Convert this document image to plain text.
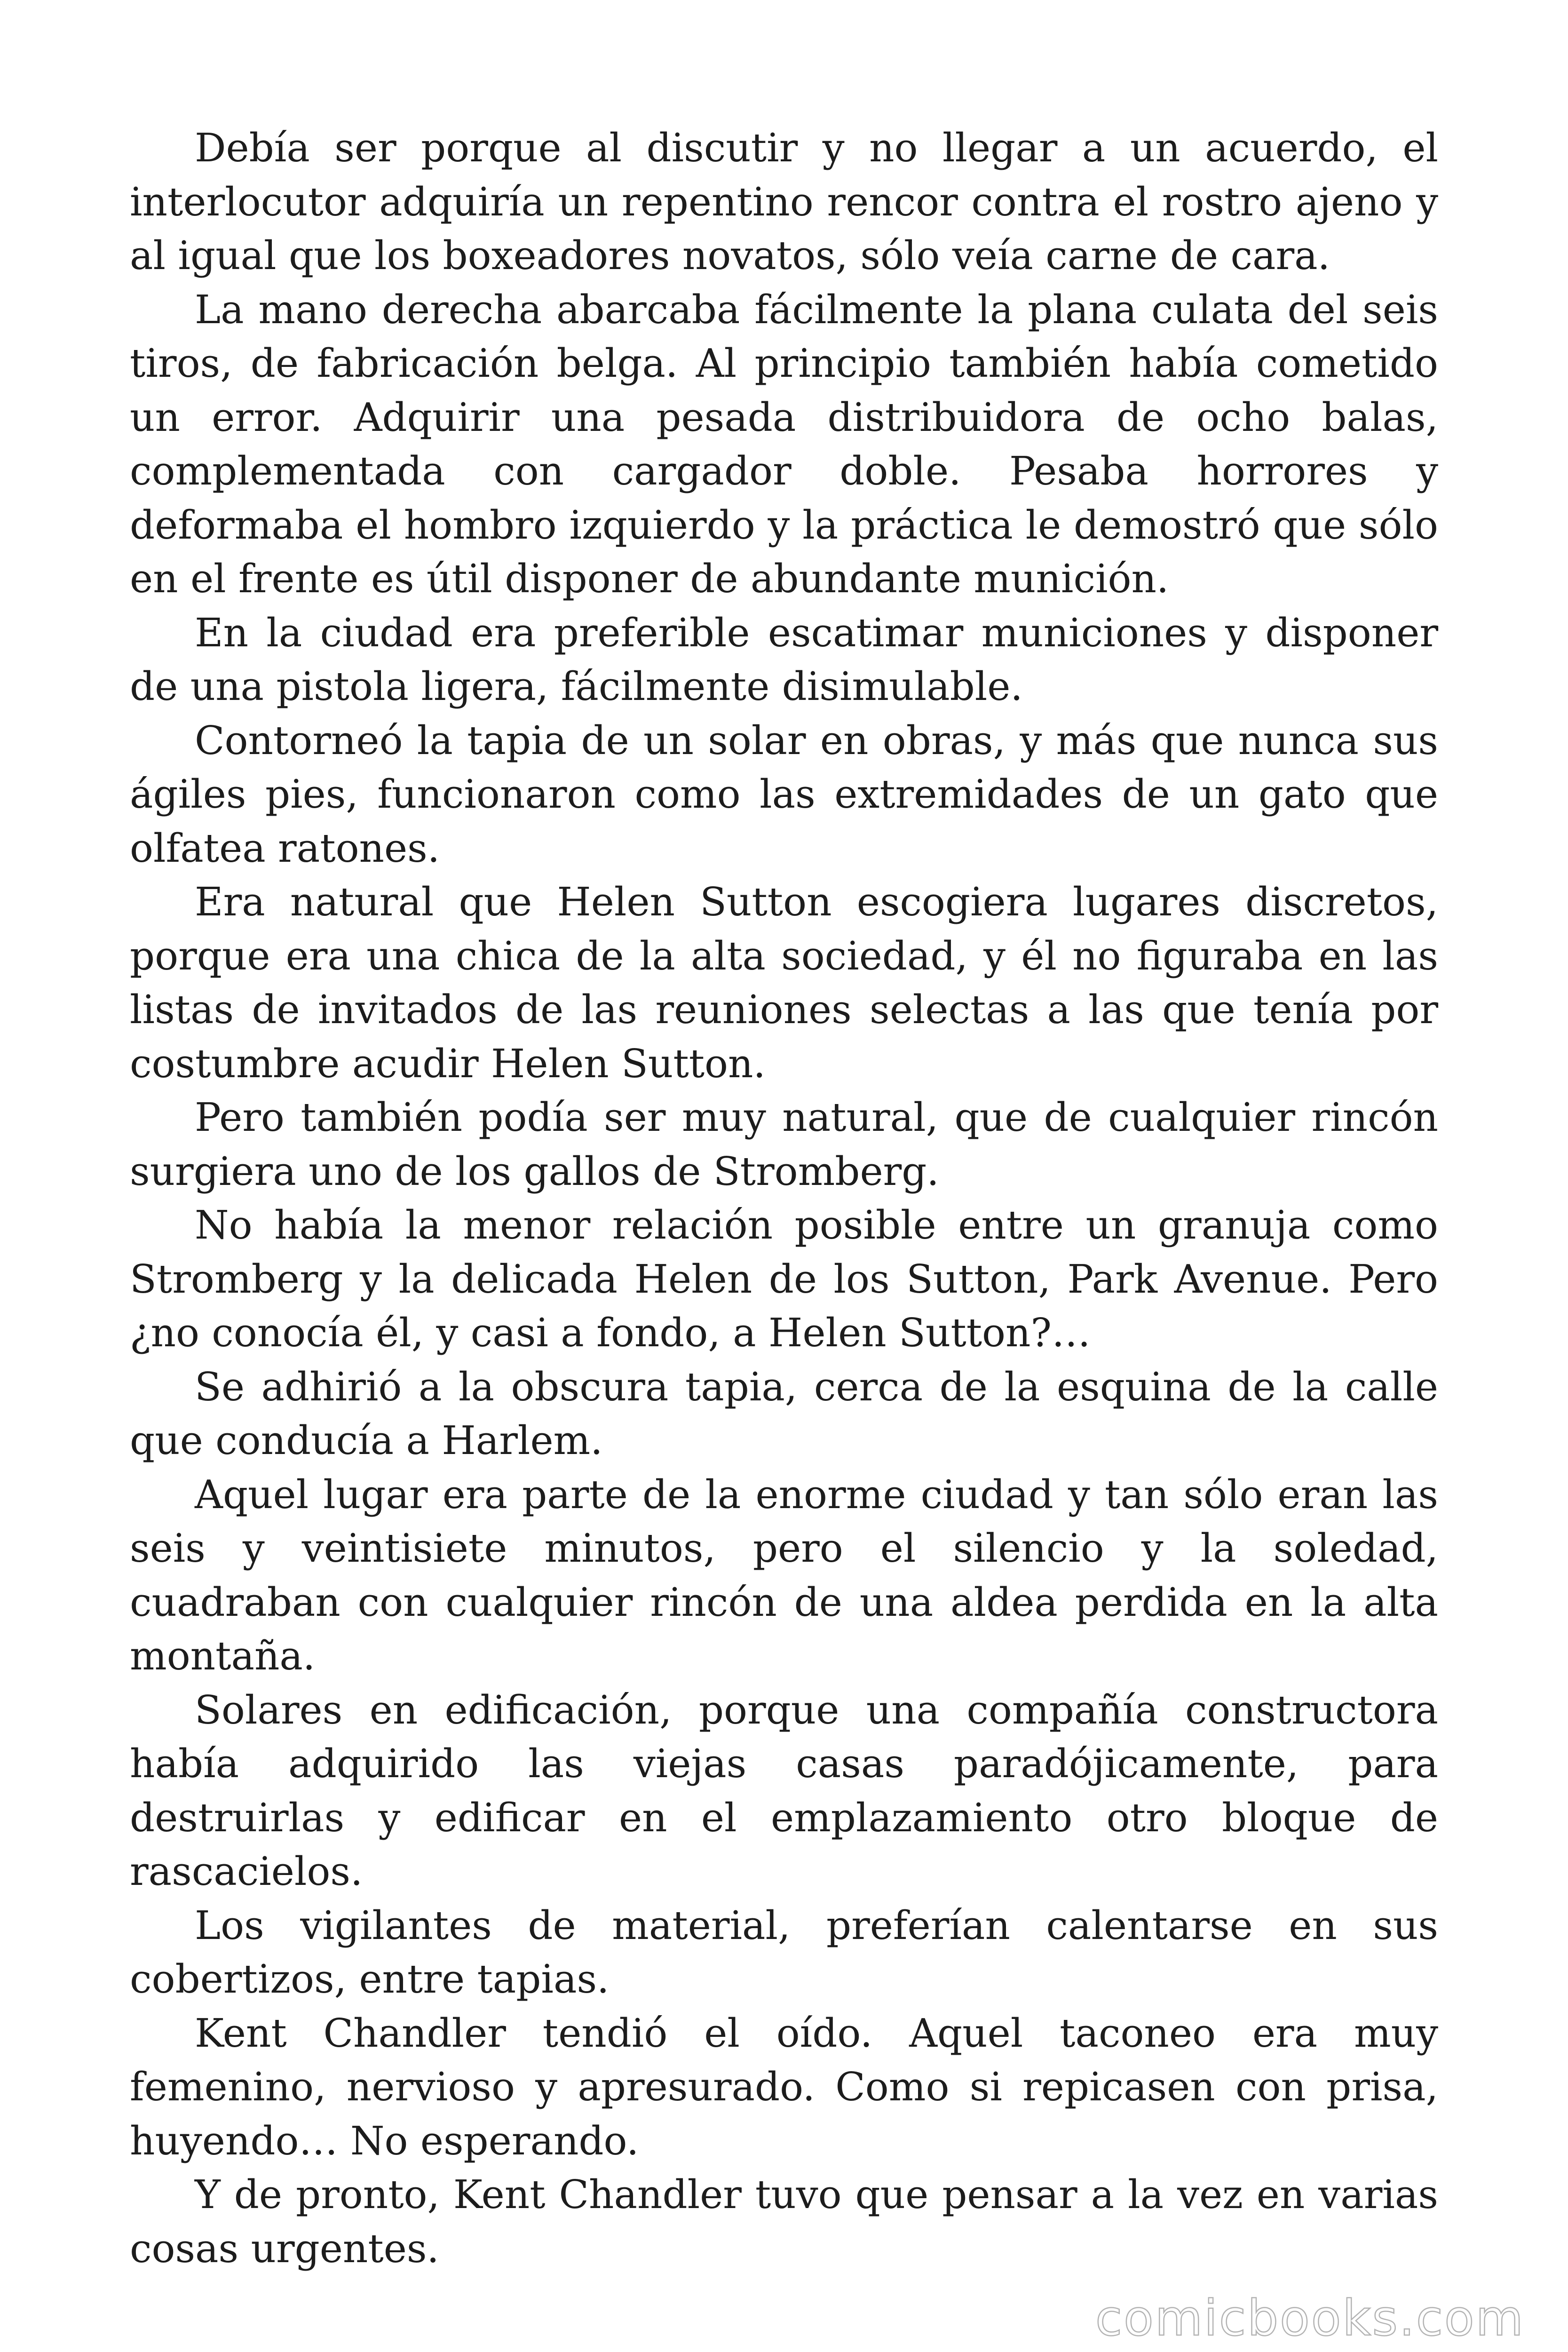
Debía ser porque al discutir y no llegar a un acuerdo, el interlocutor adquiría un repentino rencor contra el rostro ajeno y al igual que los boxeadores novatos, sólo veía carne de cara.

La mano derecha abarcaba fácilmente la plana culata del seis tiros, de fabricación belga. Al principio también había cometido un error. Adquirir una pesada distribuidora de ocho balas, complementada con cargador doble. Pesaba horrores y deformaba el hombro izquierdo y la práctica le demostró que sólo en el frente es útil disponer de abundante munición.

En la ciudad era preferible escatimar municiones y disponer de una pistola ligera, fácilmente disimulable.

Contorneó la tapia de un solar en obras, y más que nunca sus ágiles pies, funcionaron como las extremidades de un gato que olfatea ratones.

Era natural que Helen Sutton escogiera lugares discretos, porque era una chica de la alta sociedad, y él no figuraba en las listas de invitados de las reuniones selectas a las que tenía por costumbre acudir Helen Sutton.

Pero también podía ser muy natural, que de cualquier rincón surgiera uno de los gallos de Stromberg.

No había la menor relación posible entre un granuja como Stromberg y la delicada Helen de los Sutton, Park Avenue. Pero ¿no conocía él, y casi a fondo, a Helen Sutton?…

Se adhirió a la obscura tapia, cerca de la esquina de la calle que conducía a Harlem.

Aquel lugar era parte de la enorme ciudad y tan sólo eran las seis y veintisiete minutos, pero el silencio y la soledad, cuadraban con cualquier rincón de una aldea perdida en la alta montaña.

Solares en edificación, porque una compañía constructora había adquirido las viejas casas paradójicamente, para destruirlas y edificar en el emplazamiento otro bloque de rascacielos.

Los vigilantes de material, preferían calentarse en sus cobertizos, entre tapias.

Kent Chandler tendió el oído. Aquel taconeo era muy femenino, nervioso y apresurado. Como si repicasen con prisa, huyendo… No esperando.

Y de pronto, Kent Chandler tuvo que pensar a la vez en varias cosas urgentes.

comicbooks.com
